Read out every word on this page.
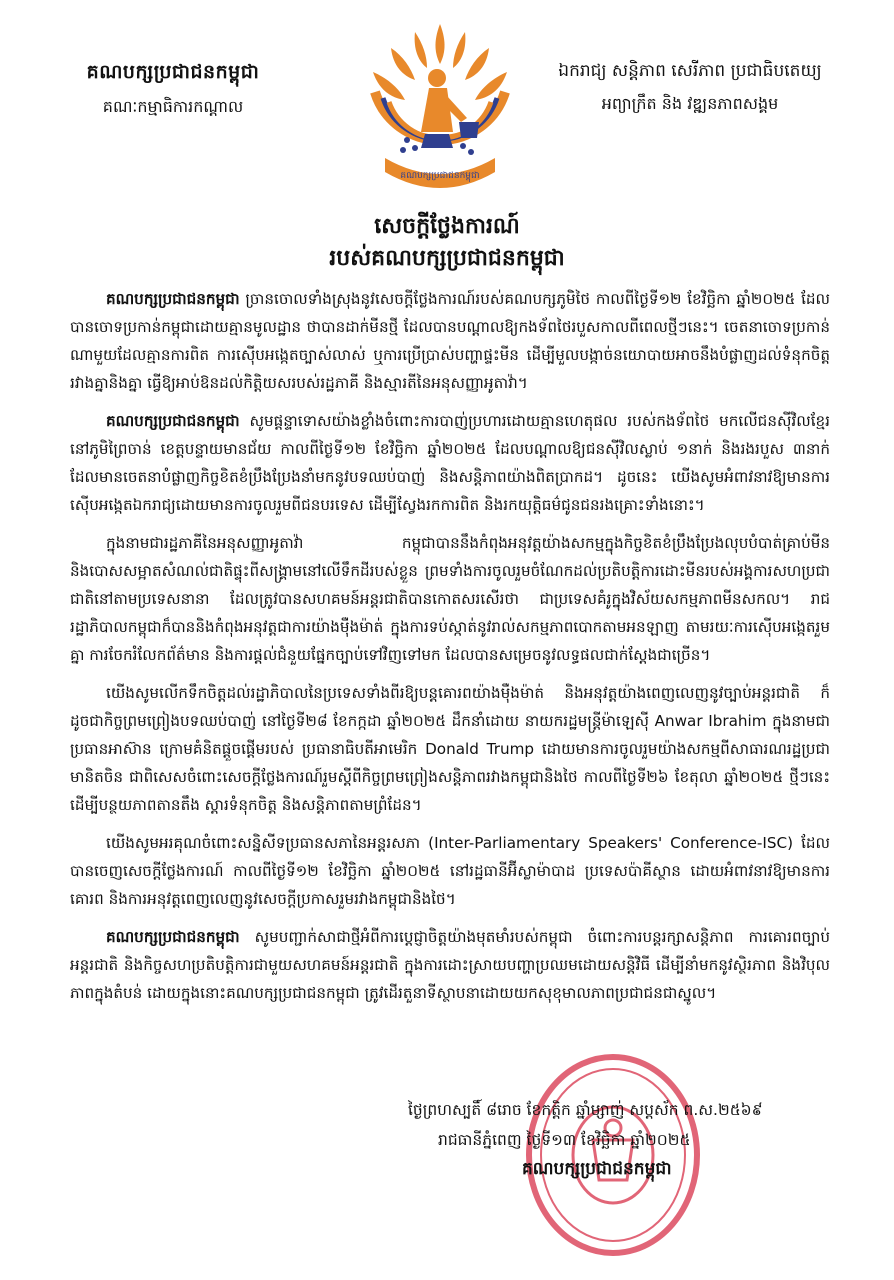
គណបក្សប្រជាជនកម្ពុជា
គណៈកម្មាធិការកណ្តាល
គណបក្សប្រជាជនកម្ពុជា
ឯករាជ្យ សន្តិភាព សេរីភាព ប្រជាធិបតេយ្យ
អព្យាក្រឹត និង វឌ្ឍនភាពសង្គម
សេចក្តីថ្លែងការណ៍
របស់គណបក្សប្រជាជនកម្ពុជា

គណបក្សប្រជាជនកម្ពុជា ច្រានចោលទាំងស្រុងនូវសេចក្តីថ្លែងការណ៍របស់គណបក្សភូមិថៃ កាលពីថ្ងៃទី១២ ខែវិច្ឆិកា ឆ្នាំ២០២៥ ដែលបានចោទប្រកាន់កម្ពុជាដោយគ្មានមូលដ្ឋាន ថាបានដាក់មីនថ្មី ដែលបានបណ្តាលឱ្យកងទ័ពថៃរបួសកាលពីពេលថ្មីៗនេះ។ ចេតនាចោទប្រកាន់ណាមួយដែលគ្មានការពិត ការស៊ើបអង្កេតច្បាស់លាស់ ឬការប្រើប្រាស់បញ្ហាផ្ទះមីន ដើម្បីមួលបង្កាច់នយោបាយអាចនឹងបំផ្លាញដល់ទំនុកចិត្តរវាងគ្នានិងគ្នា ធ្វើឱ្យអាប់ឱនដល់កិត្តិយសរបស់រដ្ឋភាគី និងស្មារតីនៃអនុសញ្ញាអូតាវ៉ា។

គណបក្សប្រជាជនកម្ពុជា សូមផ្តន្ទាទោសយ៉ាងខ្លាំងចំពោះការបាញ់ប្រហារដោយគ្មានហេតុផល របស់កងទ័ពថៃ មកលើជនស៊ីវិលខ្មែរនៅភូមិព្រៃចាន់ ខេត្តបន្ទាយមានជ័យ កាលពីថ្ងៃទី១២ ខែវិច្ឆិកា ឆ្នាំ២០២៥ ដែលបណ្តាលឱ្យជនស៊ីវិលស្លាប់ ១នាក់ និងរងរបួស ៣នាក់ ដែលមានចេតនាបំផ្លាញកិច្ចខិតខំប្រឹងប្រែងនាំមកនូវបទឈប់បាញ់ និងសន្តិភាពយ៉ាងពិតប្រាកដ។ ដូចនេះ យើងសូមអំពាវនាវឱ្យមានការស៊ើបអង្កេតឯករាជ្យដោយមានការចូលរួមពីជនបរទេស ដើម្បីស្វែងរកការពិត និងរកយុត្តិធម៌ជូនជនរងគ្រោះទាំងនោះ។

ក្នុងនាមជារដ្ឋភាគីនៃអនុសញ្ញាអូតាវ៉ា កម្ពុជាបាននឹងកំពុងអនុវត្តយ៉ាងសកម្មក្នុងកិច្ចខិតខំប្រឹងប្រែងលុបបំបាត់គ្រាប់មីន និងបោសសម្អាតសំណល់ជាតិផ្ទុះពីសង្គ្រាមនៅលើទឹកដីរបស់ខ្លួន ព្រមទាំងការចូលរួមចំណែកដល់ប្រតិបត្តិការដោះមីនរបស់អង្គការសហប្រជាជាតិនៅតាមប្រទេសនានា ដែលត្រូវបានសហគមន៍អន្តរជាតិបានកោតសរសើរថា ជាប្រទេសគំរូក្នុងវិស័យសកម្មភាពមីនសកល។ រាជរដ្ឋាភិបាលកម្ពុជាក៏បាននិងកំពុងអនុវត្តជាការយ៉ាងម៉ឺងម៉ាត់ ក្នុងការទប់ស្កាត់នូវរាល់សកម្មភាពបោកតាមអនឡាញ តាមរយៈការស៊ើបអង្កេតរួមគ្នា ការចែករំលែកព័ត៌មាន និងការផ្តល់ជំនួយផ្នែកច្បាប់ទៅវិញទៅមក ដែលបានសម្រេចនូវលទ្ធផលជាក់ស្តែងជាច្រើន។

យើងសូមលើកទឹកចិត្តដល់រដ្ឋាភិបាលនៃប្រទេសទាំងពីរឱ្យបន្តគោរពយ៉ាងម៉ឺងម៉ាត់ និងអនុវត្តយ៉ាងពេញលេញនូវច្បាប់អន្តរជាតិ ក៏ដូចជាកិច្ចព្រមព្រៀងបទឈប់បាញ់ នៅថ្ងៃទី២៨ ខែកក្កដា ឆ្នាំ២០២៥ ដឹកនាំដោយ នាយករដ្ឋមន្ត្រីម៉ាឡេស៊ី Anwar Ibrahim ក្នុងនាមជាប្រធានអាស៊ាន ក្រោមគំនិតផ្តួចផ្តើមរបស់ ប្រធានាធិបតីអាមេរិក Donald Trump ដោយមានការចូលរួមយ៉ាងសកម្មពីសាធារណរដ្ឋប្រជាមានិតចិន ជាពិសេសចំពោះសេចក្តីថ្លែងការណ៍រួមស្តីពីកិច្ចព្រមព្រៀងសន្តិភាពរវាងកម្ពុជានិងថៃ កាលពីថ្ងៃទី២៦ ខែតុលា ឆ្នាំ២០២៥ ថ្មីៗនេះ ដើម្បីបន្ថយភាពតានតឹង ស្តារទំនុកចិត្ត និងសន្តិភាពតាមព្រំដែន។

យើងសូមអរគុណចំពោះសន្និសីទប្រធានសភានៃអន្តរសភា (Inter-Parliamentary Speakers' Conference-ISC) ដែលបានចេញសេចក្តីថ្លែងការណ៍ កាលពីថ្ងៃទី១២ ខែវិច្ឆិកា ឆ្នាំ២០២៥ នៅរដ្ឋធានីអ៊ីស្លាម៉ាបាដ ប្រទេសប៉ាគីស្ថាន ដោយអំពាវនាវឱ្យមានការគោរព និងការអនុវត្តពេញលេញនូវសេចក្តីប្រកាសរួមរវាងកម្ពុជានិងថៃ។

គណបក្សប្រជាជនកម្ពុជា សូមបញ្ជាក់សាជាថ្មីអំពីការប្តេជ្ញាចិត្តយ៉ាងមុតមាំរបស់កម្ពុជា ចំពោះការបន្តរក្សាសន្តិភាព ការគោរពច្បាប់អន្តរជាតិ និងកិច្ចសហប្រតិបត្តិការជាមួយសហគមន៍អន្តរជាតិ ក្នុងការដោះស្រាយបញ្ហាប្រឈមដោយសន្តិវិធី ដើម្បីនាំមកនូវស្ថិរភាព និងវិបុលភាពក្នុងតំបន់ ដោយក្នុងនោះគណបក្សប្រជាជនកម្ពុជា ត្រូវដើរតួនាទីស្ថាបនាដោយយកសុខុមាលភាពប្រជាជនជាស្នូល។

ថ្ងៃព្រហស្បតិ៍ ៨រោច ខែកត្តិក ឆ្នាំម្សាញ់ សប្តស័ក ព.ស.២៥៦៩
រាជធានីភ្នំពេញ ថ្ងៃទី១៣ ខែវិច្ឆិកា ឆ្នាំ២០២៥
គណបក្សប្រជាជនកម្ពុជា
